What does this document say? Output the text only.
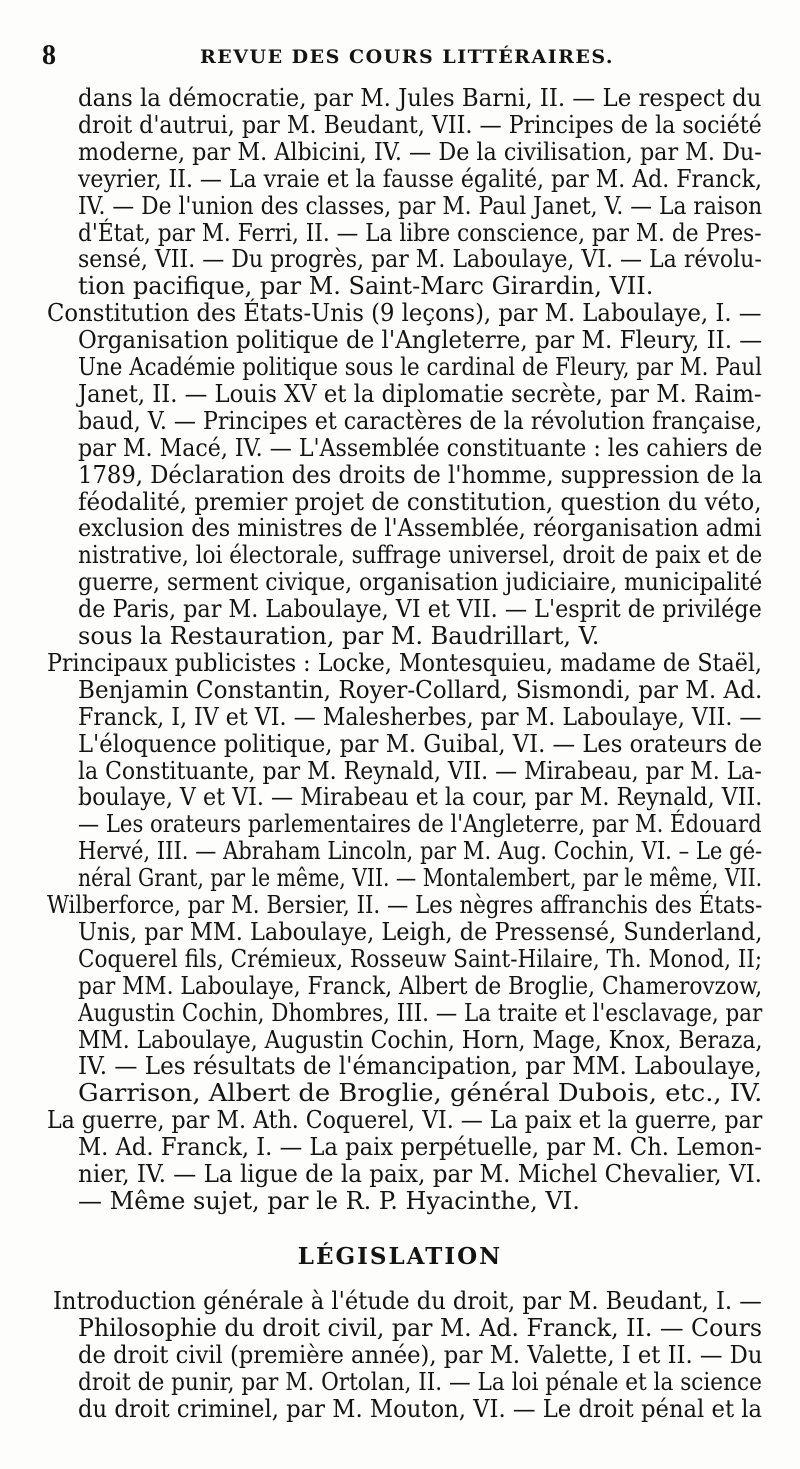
8	REVUE DES COURS LITTÉRAIRES.
dans la démocratie, par M. Jules Barni, II. — Le respect du
droit d'autrui, par M. Beudant, VII. — Principes de la société
moderne, par M. Albicini, IV. — De la civilisation, par M. Du-
veyrier, II. — La vraie et la fausse égalité, par M. Ad. Franck,
IV. — De l'union des classes, par M. Paul Janet, V. — La raison
d'État, par M. Ferri, II. — La libre conscience, par M. de Pres-
sensé, VII. — Du progrès, par M. Laboulaye, VI. — La révolu-
tion pacifique, par M. Saint-Marc Girardin, VII.
Constitution des États-Unis (9 leçons), par M. Laboulaye, I. —
Organisation politique de l'Angleterre, par M. Fleury, II. —
Une Académie politique sous le cardinal de Fleury, par M. Paul
Janet, II. — Louis XV et la diplomatie secrète, par M. Raim-
baud, V. — Principes et caractères de la révolution française,
par M. Macé, IV. — L'Assemblée constituante : les cahiers de
1789, Déclaration des droits de l'homme, suppression de la
féodalité, premier projet de constitution, question du véto,
exclusion des ministres de l'Assemblée, réorganisation admi
nistrative, loi électorale, suffrage universel, droit de paix et de
guerre, serment civique, organisation judiciaire, municipalité
de Paris, par M. Laboulaye, VI et VII. — L'esprit de privilége
sous la Restauration, par M. Baudrillart, V.
Principaux publicistes : Locke, Montesquieu, madame de Staël,
Benjamin Constantin, Royer-Collard, Sismondi, par M. Ad.
Franck, I, IV et VI. — Malesherbes, par M. Laboulaye, VII. —
L'éloquence politique, par M. Guibal, VI. — Les orateurs de
la Constituante, par M. Reynald, VII. — Mirabeau, par M. La-
boulaye, V et VI. — Mirabeau et la cour, par M. Reynald, VII.
— Les orateurs parlementaires de l'Angleterre, par M. Édouard
Hervé, III. — Abraham Lincoln, par M. Aug. Cochin, VI. – Le gé-
néral Grant, par le même, VII. — Montalembert, par le même, VII.
Wilberforce, par M. Bersier, II. — Les nègres affranchis des États-
Unis, par MM. Laboulaye, Leigh, de Pressensé, Sunderland,
Coquerel fils, Crémieux, Rosseuw Saint-Hilaire, Th. Monod, II;
par MM. Laboulaye, Franck, Albert de Broglie, Chamerovzow,
Augustin Cochin, Dhombres, III. — La traite et l'esclavage, par
MM. Laboulaye, Augustin Cochin, Horn, Mage, Knox, Beraza,
IV. — Les résultats de l'émancipation, par MM. Laboulaye,
Garrison, Albert de Broglie, général Dubois, etc., IV.
La guerre, par M. Ath. Coquerel, VI. — La paix et la guerre, par
M. Ad. Franck, I. — La paix perpétuelle, par M. Ch. Lemon-
nier, IV. — La ligue de la paix, par M. Michel Chevalier, VI.
— Même sujet, par le R. P. Hyacinthe, VI.
Introduction générale à l'étude du droit, par M. Beudant, I. —
Philosophie du droit civil, par M. Ad. Franck, II. — Cours
de droit civil (première année), par M. Valette, I et II. — Du
droit de punir, par M. Ortolan, II. — La loi pénale et la science
du droit criminel, par M. Mouton, VI. — Le droit pénal et la
LÉGISLATION
